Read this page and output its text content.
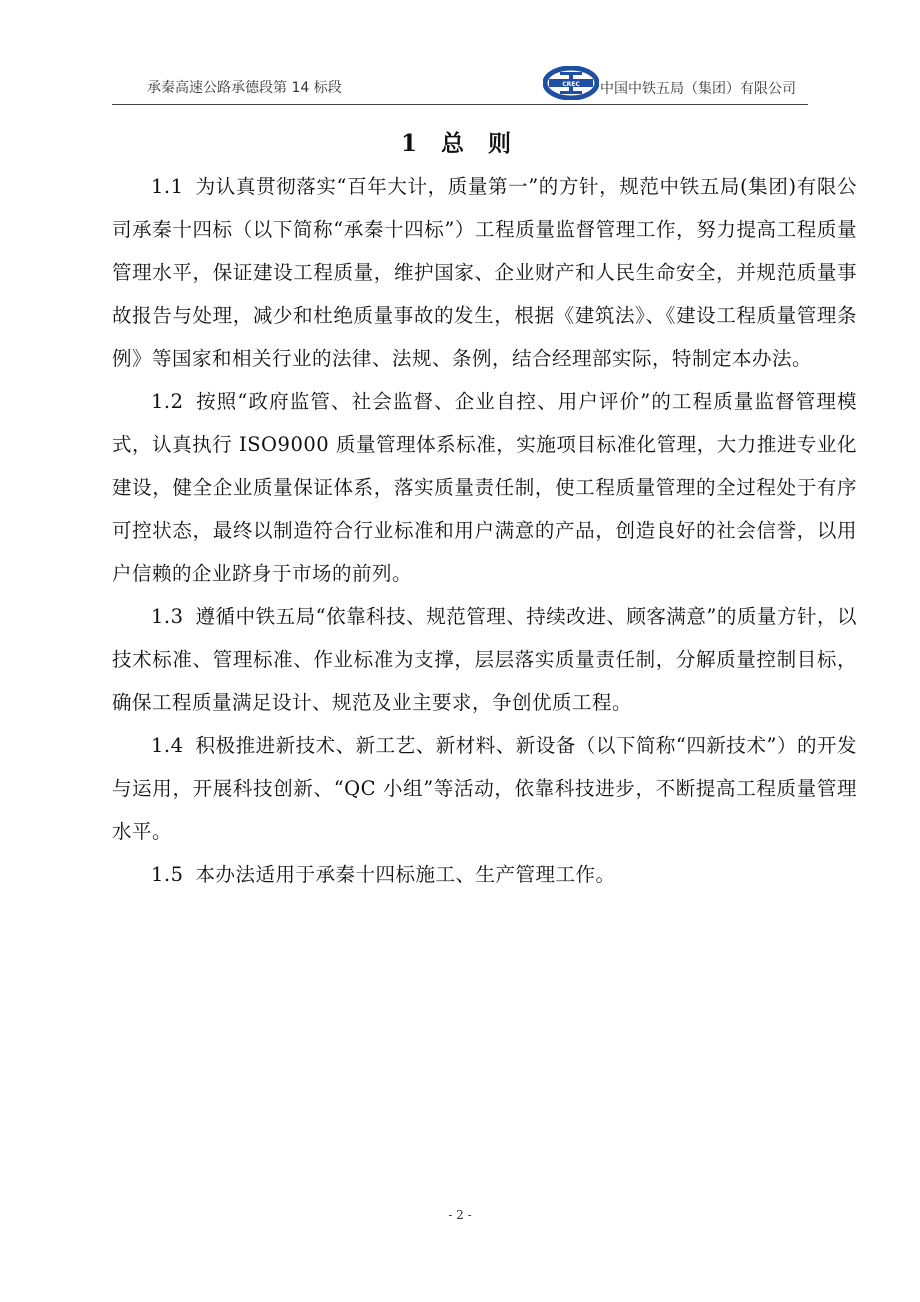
承秦高速公路承德段第 14 标段	CREC 中国中铁五局（集团）有限公司
1 总 则

1.1 为认真贯彻落实“百年大计，质量第一”的方针，规范中铁五局(集团)有限公司承秦十四标（以下简称“承秦十四标”）工程质量监督管理工作，努力提高工程质量管理水平，保证建设工程质量，维护国家、企业财产和人民生命安全，并规范质量事故报告与处理，减少和杜绝质量事故的发生，根据《建筑法》、《建设工程质量管理条例》等国家和相关行业的法律、法规、条例，结合经理部实际，特制定本办法。

1.2 按照“政府监管、社会监督、企业自控、用户评价”的工程质量监督管理模式，认真执行 ISO9000 质量管理体系标准，实施项目标准化管理，大力推进专业化建设，健全企业质量保证体系，落实质量责任制，使工程质量管理的全过程处于有序可控状态，最终以制造符合行业标准和用户满意的产品，创造良好的社会信誉，以用户信赖的企业跻身于市场的前列。

1.3 遵循中铁五局“依靠科技、规范管理、持续改进、顾客满意”的质量方针，以技术标准、管理标准、作业标准为支撑，层层落实质量责任制，分解质量控制目标，确保工程质量满足设计、规范及业主要求，争创优质工程。

1.4 积极推进新技术、新工艺、新材料、新设备（以下简称“四新技术”）的开发与运用，开展科技创新、“QC 小组”等活动，依靠科技进步，不断提高工程质量管理水平。

1.5 本办法适用于承秦十四标施工、生产管理工作。

- 2 -
